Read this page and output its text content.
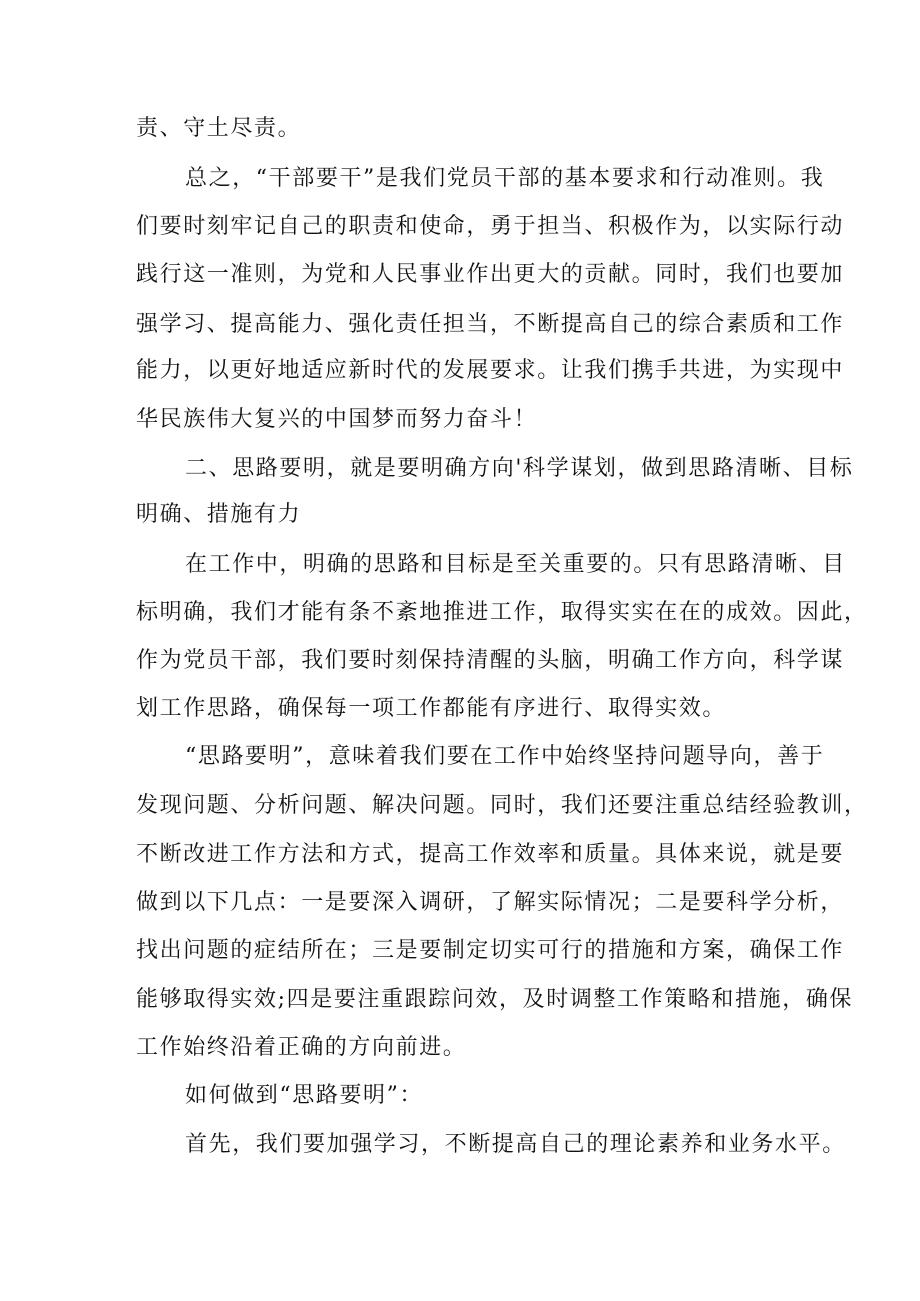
责、守土尽责。

总之，“干部要干”是我们党员干部的基本要求和行动准则。我

们要时刻牢记自己的职责和使命，勇于担当、积极作为，以实际行动

践行这一准则，为党和人民事业作出更大的贡献。同时，我们也要加

强学习、提高能力、强化责任担当，不断提高自己的综合素质和工作

能力，以更好地适应新时代的发展要求。让我们携手共进，为实现中

华民族伟大复兴的中国梦而努力奋斗！

二、思路要明，就是要明确方向'科学谋划，做到思路清晰、目标

明确、措施有力

在工作中，明确的思路和目标是至关重要的。只有思路清晰、目

标明确，我们才能有条不紊地推进工作，取得实实在在的成效。因此，

作为党员干部，我们要时刻保持清醒的头脑，明确工作方向，科学谋

划工作思路，确保每一项工作都能有序进行、取得实效。

“思路要明”，意味着我们要在工作中始终坚持问题导向，善于

发现问题、分析问题、解决问题。同时，我们还要注重总结经验教训，

不断改进工作方法和方式，提高工作效率和质量。具体来说，就是要

做到以下几点：一是要深入调研，了解实际情况；二是要科学分析，

找出问题的症结所在；三是要制定切实可行的措施和方案，确保工作

能够取得实效;四是要注重跟踪问效，及时调整工作策略和措施，确保

工作始终沿着正确的方向前进。

如何做到“思路要明”：

首先，我们要加强学习，不断提高自己的理论素养和业务水平。
